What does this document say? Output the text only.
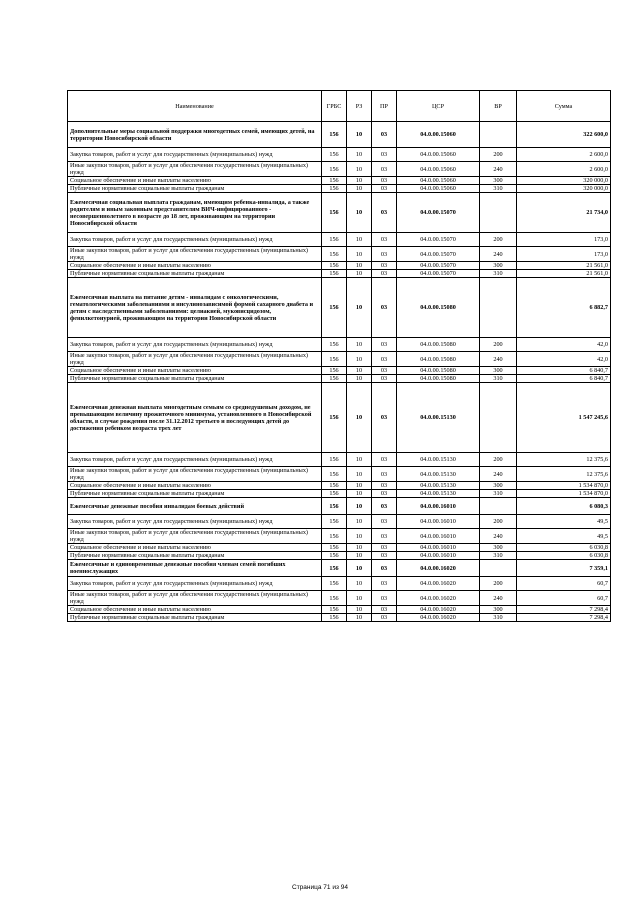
Наименование	ГРБС	РЗ	ПР	ЦСР	ВР	Сумма
Дополнительные меры социальной поддержки многодетных семей, имеющих детей, на территории Новосибирской области	156	10	03	04.0.00.15060		322 600,0
Закупка товаров, работ и услуг для государственных (муниципальных) нужд	156	10	03	04.0.00.15060	200	2 600,0
Иные закупки товаров, работ и услуг для обеспечения государственных (муниципальных) нужд	156	10	03	04.0.00.15060	240	2 600,0
Социальное обеспечение и иные выплаты населению	156	10	03	04.0.00.15060	300	320 000,0
Публичные нормативные социальные выплаты гражданам	156	10	03	04.0.00.15060	310	320 000,0
Ежемесячная социальная выплата гражданам, имеющим ребенка-инвалида, а также родителям и иным законным представителям ВИЧ-инфицированного - несовершеннолетнего в возрасте до 18 лет, проживающим на территории Новосибирской области	156	10	03	04.0.00.15070		21 734,0
Закупка товаров, работ и услуг для государственных (муниципальных) нужд	156	10	03	04.0.00.15070	200	173,0
Иные закупки товаров, работ и услуг для обеспечения государственных (муниципальных) нужд	156	10	03	04.0.00.15070	240	173,0
Социальное обеспечение и иные выплаты населению	156	10	03	04.0.00.15070	300	21 561,0
Публичные нормативные социальные выплаты гражданам	156	10	03	04.0.00.15070	310	21 561,0
Ежемесячная выплата на питание детям - инвалидам с онкологическими, гематологическими заболеваниями и инсулинозависимой формой сахарного диабета и детям с наследственными заболеваниями: целиакией, муковисцидозом, фенилкетонурией, проживающим на территории Новосибирской области	156	10	03	04.0.00.15080		6 882,7
Закупка товаров, работ и услуг для государственных (муниципальных) нужд	156	10	03	04.0.00.15080	200	42,0
Иные закупки товаров, работ и услуг для обеспечения государственных (муниципальных) нужд	156	10	03	04.0.00.15080	240	42,0
Социальное обеспечение и иные выплаты населению	156	10	03	04.0.00.15080	300	6 840,7
Публичные нормативные социальные выплаты гражданам	156	10	03	04.0.00.15080	310	6 840,7
Ежемесячная денежная выплата многодетным семьям со среднедушевым доходом, не превышающим величину прожиточного минимума, установленного в Новосибирской области, в случае рождения после 31.12.2012 третьего и последующих детей до достижения ребенком возраста трех лет	156	10	03	04.0.00.15130		1 547 245,6
Закупка товаров, работ и услуг для государственных (муниципальных) нужд	156	10	03	04.0.00.15130	200	12 375,6
Иные закупки товаров, работ и услуг для обеспечения государственных (муниципальных) нужд	156	10	03	04.0.00.15130	240	12 375,6
Социальное обеспечение и иные выплаты населению	156	10	03	04.0.00.15130	300	1 534 870,0
Публичные нормативные социальные выплаты гражданам	156	10	03	04.0.00.15130	310	1 534 870,0
Ежемесячные денежные пособия инвалидам боевых действий	156	10	03	04.0.00.16010		6 080,3
Закупка товаров, работ и услуг для государственных (муниципальных) нужд	156	10	03	04.0.00.16010	200	49,5
Иные закупки товаров, работ и услуг для обеспечения государственных (муниципальных) нужд	156	10	03	04.0.00.16010	240	49,5
Социальное обеспечение и иные выплаты населению	156	10	03	04.0.00.16010	300	6 030,8
Публичные нормативные социальные выплаты гражданам	156	10	03	04.0.00.16010	310	6 030,8
Ежемесячные и единовременные денежные пособия членам семей погибших военнослужащих	156	10	03	04.0.00.16020		7 359,1
Закупка товаров, работ и услуг для государственных (муниципальных) нужд	156	10	03	04.0.00.16020	200	60,7
Иные закупки товаров, работ и услуг для обеспечения государственных (муниципальных) нужд	156	10	03	04.0.00.16020	240	60,7
Социальное обеспечение и иные выплаты населению	156	10	03	04.0.00.16020	300	7 298,4
Публичные нормативные социальные выплаты гражданам	156	10	03	04.0.00.16020	310	7 298,4
Страница 71 из 94
